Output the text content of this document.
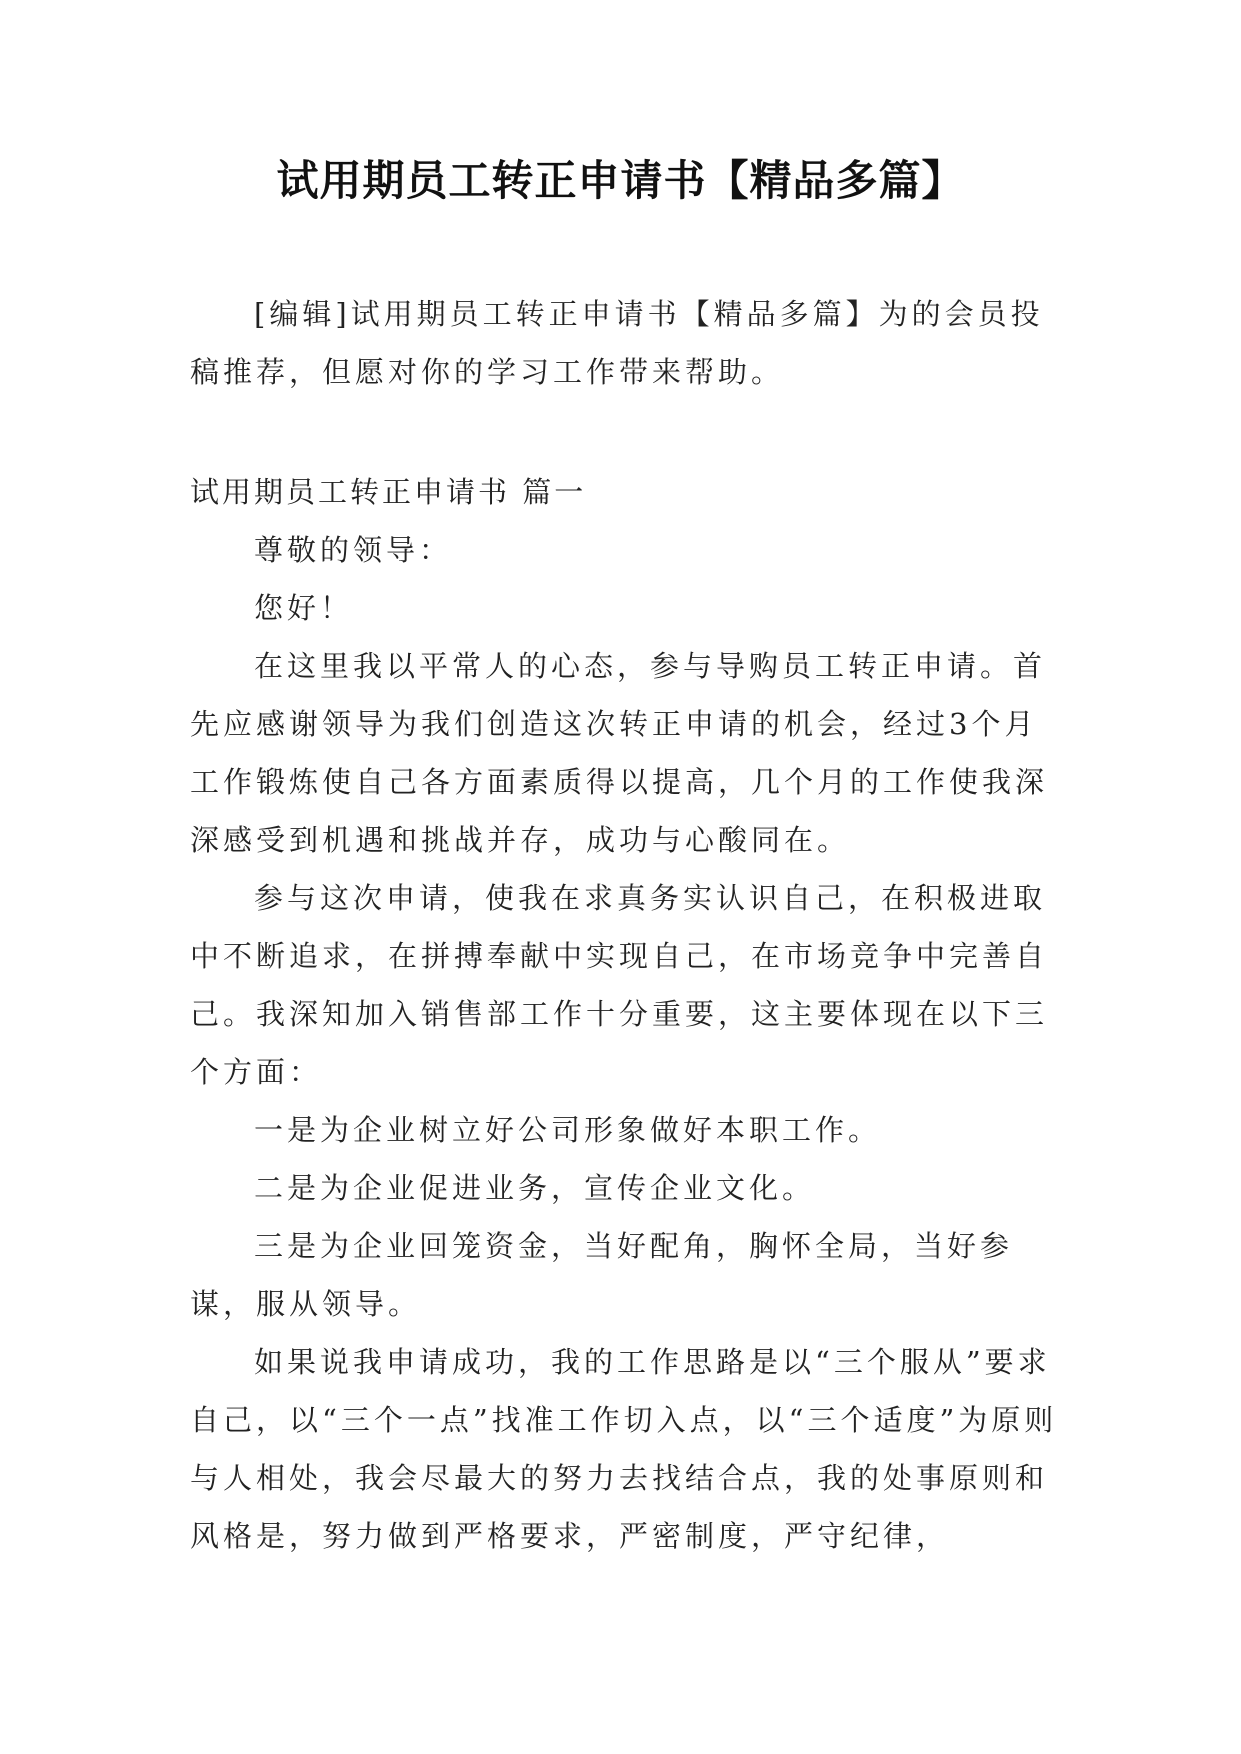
试用期员工转正申请书【精品多篇】

[编辑]试用期员工转正申请书【精品多篇】为的会员投稿推荐，但愿对你的学习工作带来帮助。

试用期员工转正申请书 篇一

尊敬的领导：

您好！

在这里我以平常人的心态，参与导购员工转正申请。首先应感谢领导为我们创造这次转正申请的机会，经过3个月工作锻炼使自己各方面素质得以提高，几个月的工作使我深深感受到机遇和挑战并存，成功与心酸同在。

参与这次申请，使我在求真务实认识自己，在积极进取中不断追求，在拼搏奉献中实现自己，在市场竞争中完善自己。我深知加入销售部工作十分重要，这主要体现在以下三个方面：

一是为企业树立好公司形象做好本职工作。

二是为企业促进业务，宣传企业文化。

三是为企业回笼资金，当好配角，胸怀全局，当好参谋，服从领导。

如果说我申请成功，我的工作思路是以“三个服从”要求自己，以“三个一点”找准工作切入点，以“三个适度”为原则与人相处，我会尽最大的努力去找结合点，我的处事原则和风格是，努力做到严格要求，严密制度，严守纪律，
